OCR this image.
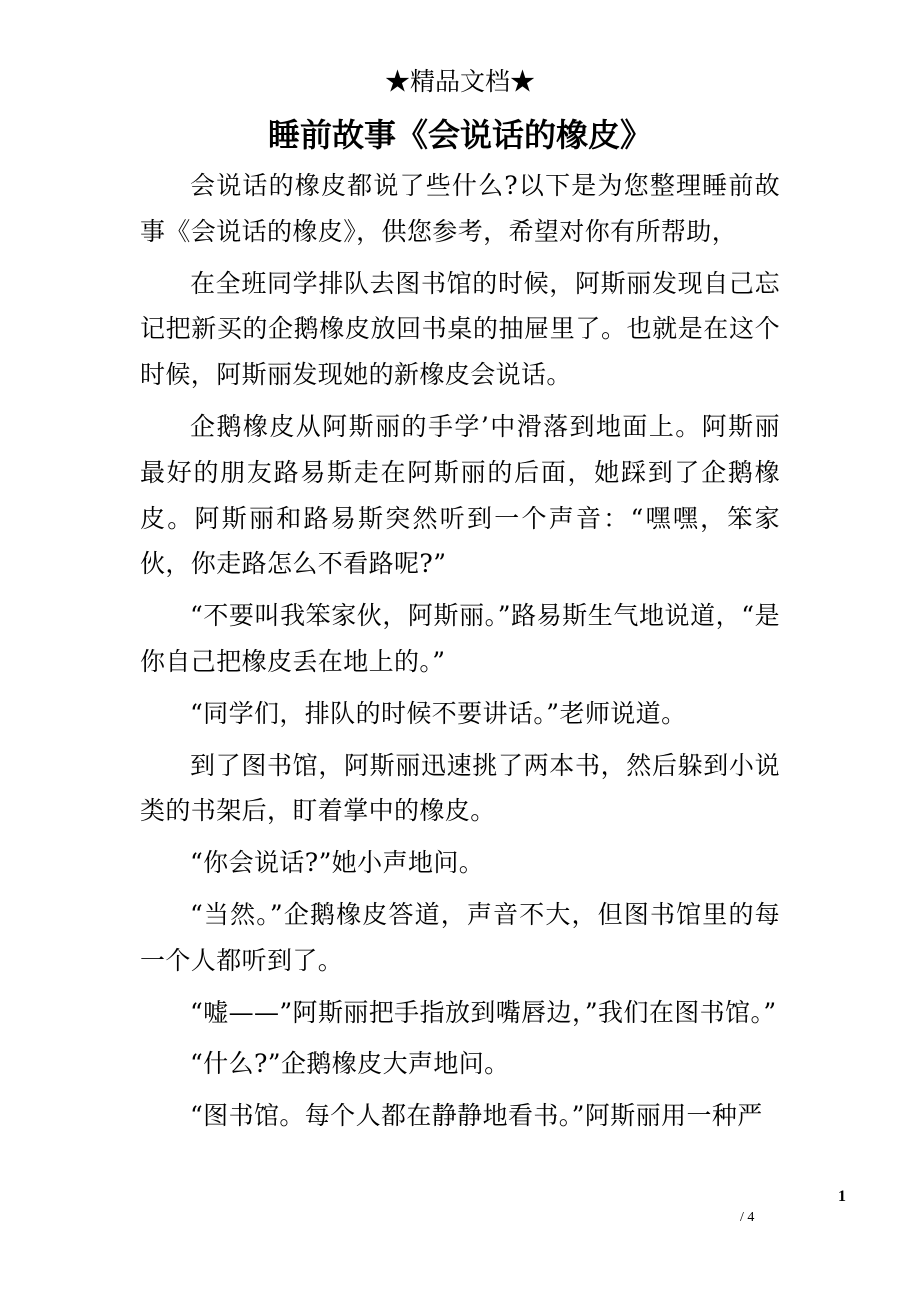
★精品文档★
睡前故事《会说话的橡皮》

会说话的橡皮都说了些什么?以下是为您整理睡前故事《会说话的橡皮》，供您参考，希望对你有所帮助，

在全班同学排队去图书馆的时候，阿斯丽发现自己忘记把新买的企鹅橡皮放回书桌的抽屉里了。也就是在这个时候，阿斯丽发现她的新橡皮会说话。

企鹅橡皮从阿斯丽的手学’中滑落到地面上。阿斯丽最好的朋友路易斯走在阿斯丽的后面，她踩到了企鹅橡皮。阿斯丽和路易斯突然听到一个声音：“嘿嘿，笨家伙，你走路怎么不看路呢?”

“不要叫我笨家伙，阿斯丽。”路易斯生气地说道，“是你自己把橡皮丢在地上的。”

“同学们，排队的时候不要讲话。”老师说道。

到了图书馆，阿斯丽迅速挑了两本书，然后躲到小说类的书架后，盯着掌中的橡皮。

“你会说话?”她小声地问。

“当然。”企鹅橡皮答道，声音不大，但图书馆里的每一个人都听到了。

“嘘——”阿斯丽把手指放到嘴唇边，”我们在图书馆。”

“什么?”企鹅橡皮大声地问。

“图书馆。每个人都在静静地看书。”阿斯丽用一种严

1
/ 4
